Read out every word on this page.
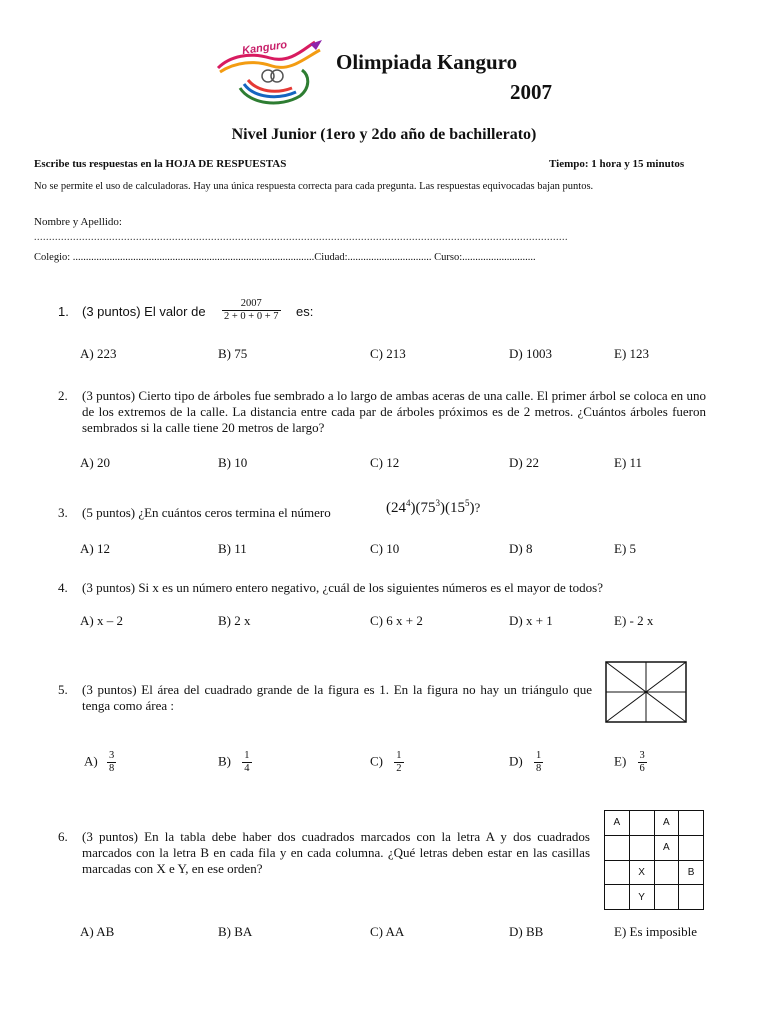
Kanguro
Olimpiada Kanguro
2007
Nivel Junior (1ero y 2do año de bachillerato)
Escribe tus respuestas en la HOJA DE RESPUESTAS	Tiempo: 1 hora y 15 minutos
No se permite el uso de calculadoras. Hay una única respuesta correcta para cada pregunta. Las respuestas equivocadas bajan puntos.
Nombre y Apellido:
..................................................................................................................................................................................
Colegio: ............................................................................................Ciudad:................................ Curso:............................
1. (3 puntos) El valor de $\frac{2007}{2 + 0 + 0 + 7}$ es:
A) 223	B) 75	C) 213	D) 1003	E) 123
2. (3 puntos) Cierto tipo de árboles fue sembrado a lo largo de ambas aceras de una calle. El primer árbol se coloca en uno de los extremos de la calle. La distancia entre cada par de árboles próximos es de 2 metros. ¿Cuántos árboles fueron sembrados si la calle tiene 20 metros de largo?
A) 20	B) 10	C) 12	D) 22	E) 11
3. (5 puntos) ¿En cuántos ceros termina el número	$(24^4)(75^3)(15^5)$?
A) 12	B) 11	C) 10	D) 8	E) 5
4. (3 puntos) Si x es un número entero negativo, ¿cuál de los siguientes números es el mayor de todos?
A) x – 2	B) 2 x	C) 6 x + 2	D) x + 1	E) - 2 x
5. (3 puntos) El área del cuadrado grande de la figura es 1. En la figura no hay un triángulo que tenga como área :
$A) \frac{3}{8}$	$B) \frac{1}{4}$	$C) \frac{1}{2}$	$D) \frac{1}{8}$	$E) \frac{3}{6}$
6. (3 puntos) En la tabla debe haber dos cuadrados marcados con la letra A y dos cuadrados marcados con la letra B en cada fila y en cada columna. ¿Qué letras deben estar en las casillas marcadas con X e Y, en ese orden?
A		A	
		A	
	X		B
	Y		
A) AB	B) BA	C) AA	D) BB	E) Es imposible
